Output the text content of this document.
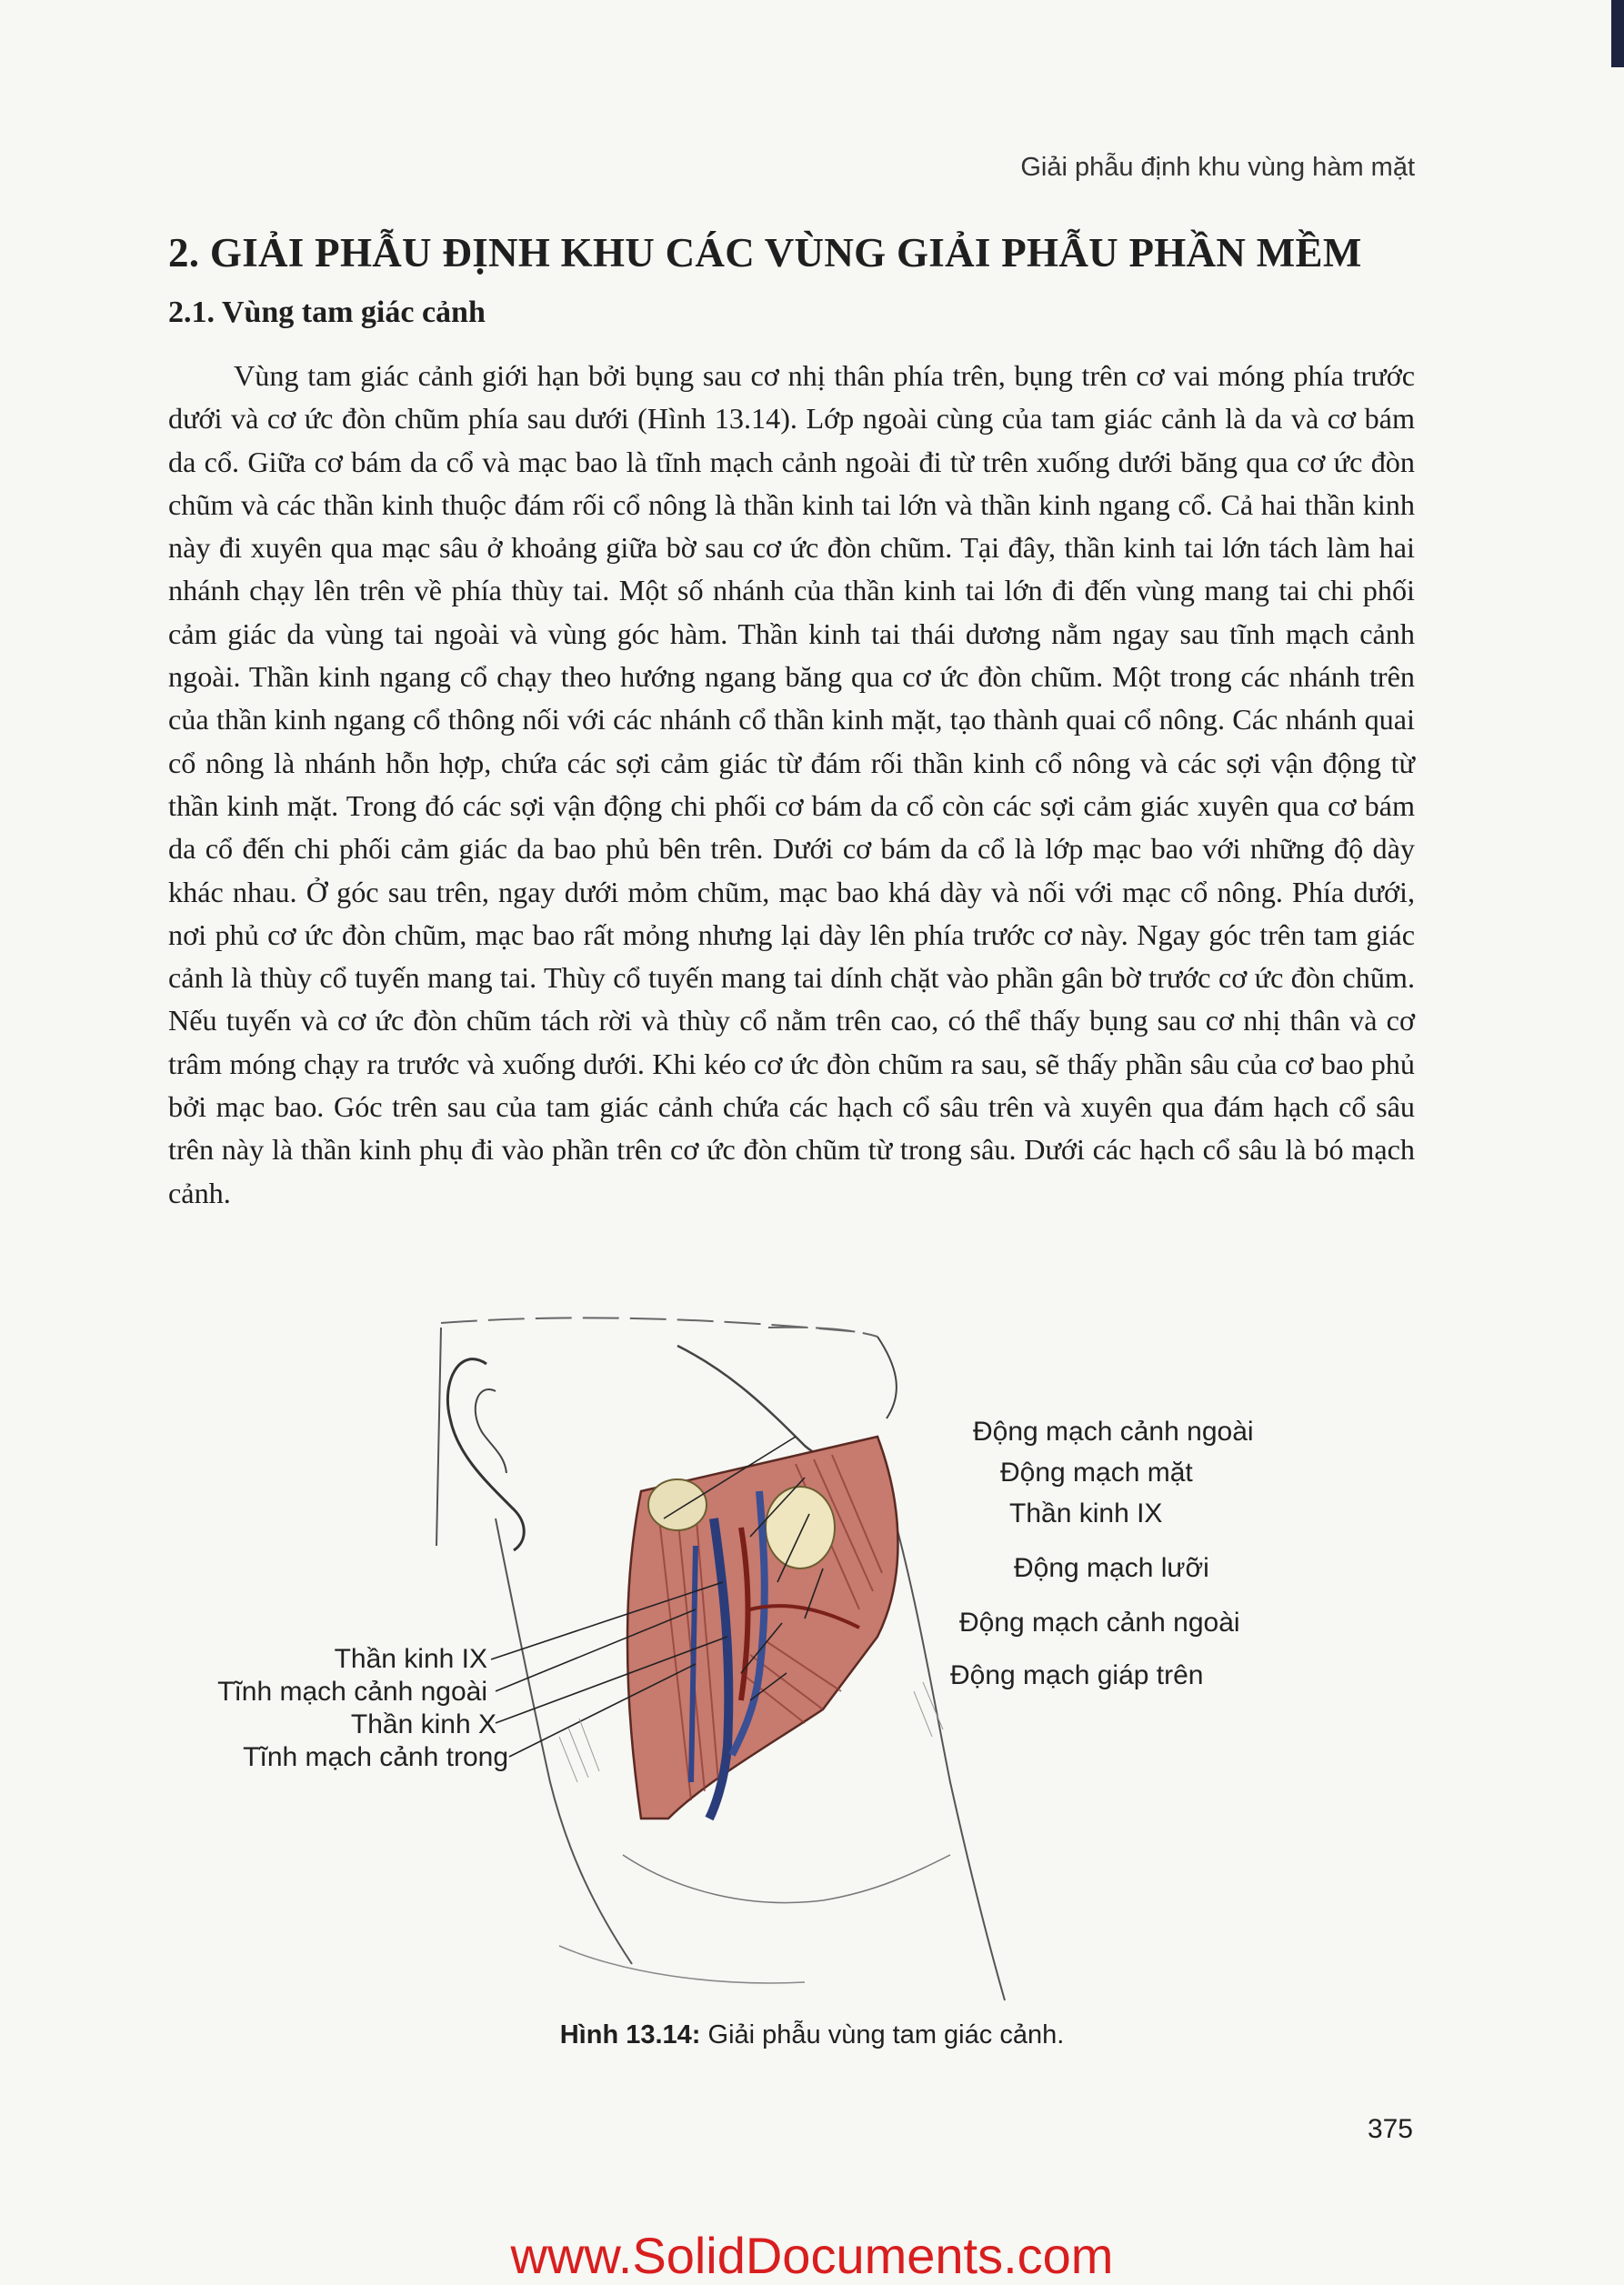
Giải phẫu định khu vùng hàm mặt
2. GIẢI PHẪU ĐỊNH KHU CÁC VÙNG GIẢI PHẪU PHẦN MỀM
2.1. Vùng tam giác cảnh

Vùng tam giác cảnh giới hạn bởi bụng sau cơ nhị thân phía trên, bụng trên cơ vai móng phía trước dưới và cơ ức đòn chũm phía sau dưới (Hình 13.14). Lớp ngoài cùng của tam giác cảnh là da và cơ bám da cổ. Giữa cơ bám da cổ và mạc bao là tĩnh mạch cảnh ngoài đi từ trên xuống dưới băng qua cơ ức đòn chũm và các thần kinh thuộc đám rối cổ nông là thần kinh tai lớn và thần kinh ngang cổ. Cả hai thần kinh này đi xuyên qua mạc sâu ở khoảng giữa bờ sau cơ ức đòn chũm. Tại đây, thần kinh tai lớn tách làm hai nhánh chạy lên trên về phía thùy tai. Một số nhánh của thần kinh tai lớn đi đến vùng mang tai chi phối cảm giác da vùng tai ngoài và vùng góc hàm. Thần kinh tai thái dương nằm ngay sau tĩnh mạch cảnh ngoài. Thần kinh ngang cổ chạy theo hướng ngang băng qua cơ ức đòn chũm. Một trong các nhánh trên của thần kinh ngang cổ thông nối với các nhánh cổ thần kinh mặt, tạo thành quai cổ nông. Các nhánh quai cổ nông là nhánh hỗn hợp, chứa các sợi cảm giác từ đám rối thần kinh cổ nông và các sợi vận động từ thần kinh mặt. Trong đó các sợi vận động chi phối cơ bám da cổ còn các sợi cảm giác xuyên qua cơ bám da cổ đến chi phối cảm giác da bao phủ bên trên. Dưới cơ bám da cổ là lớp mạc bao với những độ dày khác nhau. Ở góc sau trên, ngay dưới mỏm chũm, mạc bao khá dày và nối với mạc cổ nông. Phía dưới, nơi phủ cơ ức đòn chũm, mạc bao rất mỏng nhưng lại dày lên phía trước cơ này. Ngay góc trên tam giác cảnh là thùy cổ tuyến mang tai. Thùy cổ tuyến mang tai dính chặt vào phần gân bờ trước cơ ức đòn chũm. Nếu tuyến và cơ ức đòn chũm tách rời và thùy cổ nằm trên cao, có thể thấy bụng sau cơ nhị thân và cơ trâm móng chạy ra trước và xuống dưới. Khi kéo cơ ức đòn chũm ra sau, sẽ thấy phần sâu của cơ bao phủ bởi mạc bao. Góc trên sau của tam giác cảnh chứa các hạch cổ sâu trên và xuyên qua đám hạch cổ sâu trên này là thần kinh phụ đi vào phần trên cơ ức đòn chũm từ trong sâu. Dưới các hạch cổ sâu là bó mạch cảnh.

Động mạch cảnh ngoài
Động mạch mặt
Thần kinh IX
Động mạch lưỡi
Động mạch cảnh ngoài
Động mạch giáp trên
Thần kinh IX
Tĩnh mạch cảnh ngoài
Thần kinh X
Tĩnh mạch cảnh trong
Hình 13.14: Giải phẫu vùng tam giác cảnh.
375
www.SolidDocuments.com
